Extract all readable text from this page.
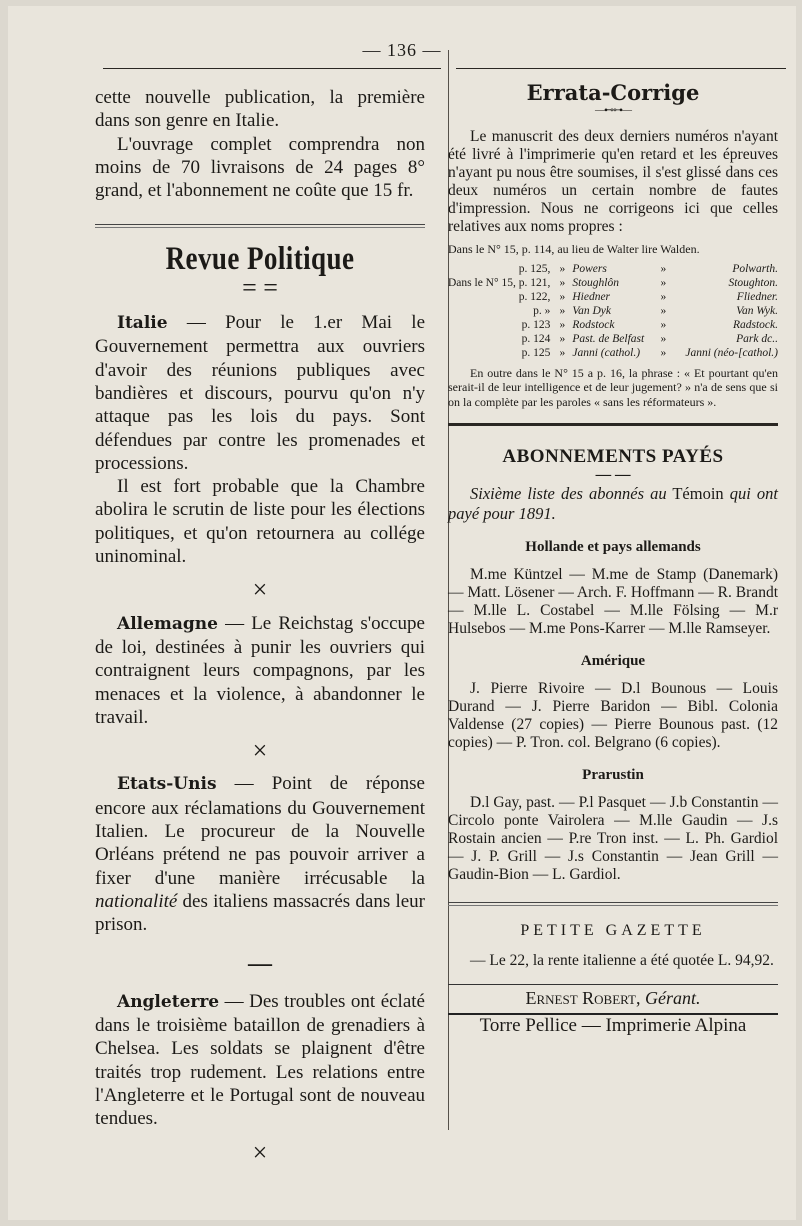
— 136 —

cette nouvelle publication, la première dans son genre en Italie.

L'ouvrage complet comprendra non moins de 70 livraisons de 24 pages 8° grand, et l'abonnement ne coûte que 15 fr.

Revue Politique
= =

Italie — Pour le 1.er Mai le Gouvernement permettra aux ouvriers d'avoir des réunions publiques avec bandières et discours, pourvu qu'on n'y attaque pas les lois du pays. Sont défendues par contre les promenades et processions.

Il est fort probable que la Chambre abolira le scrutin de liste pour les élections politiques, et qu'on retournera au collége uninominal.

×

Allemagne — Le Reichstag s'occupe de loi, destinées à punir les ouvriers qui contraignent leurs compagnons, par les menaces et la violence, à abandonner le travail.

×

Etats-Unis — Point de réponse encore aux réclamations du Gouvernement Italien. Le procureur de la Nouvelle Orléans prétend ne pas pouvoir arriver a fixer d'une manière irrécusable la nationalité des italiens massacrés dans leur prison.

—

Angleterre — Des troubles ont éclaté dans le troisième bataillon de grenadiers à Chelsea. Les soldats se plaignent d'être traités trop rudement. Les relations entre l'Angleterre et le Portugal sont de nouveau tendues.

×
Errata-Corrige
—⊷⊶—

Le manuscrit des deux derniers numéros n'ayant été livré à l'imprimerie qu'en retard et les épreuves n'ayant pu nous être soumises, il s'est glissé dans ces deux numéros un certain nombre de fautes d'impression. Nous ne corrigeons ici que celles relatives aux noms propres :

Dans le N° 15, p. 114, au lieu de Walter lire Walden.

p. 125,	»	Powers	»	Polwarth.
Dans le N° 15, p. 121,	»	Stoughlôn	»	Stoughton.
p. 122,	»	Hiedner	»	Fliedner.
p. »	»	Van Dyk	»	Van Wyk.
p. 123	»	Rodstock	»	Radstock.
p. 124	»	Past. de Belfast	»	Park dc..
p. 125	»	Janni (cathol.)	»	Janni (néo-[cathol.)

En outre dans le N° 15 a p. 16, la phrase : « Et pourtant qu'en serait-il de leur intelligence et de leur jugement? » n'a de sens que si on la complète par les paroles « sans les réformateurs ».

ABONNEMENTS PAYÉS
— —

Sixième liste des abonnés au Témoin qui ont payé pour 1891.

Hollande et pays allemands

M.me Küntzel — M.me de Stamp (Danemark) — Matt. Lösener — Arch. F. Hoffmann — R. Brandt — M.lle L. Costabel — M.lle Fölsing — M.r Hulsebos — M.me Pons-Karrer — M.lle Ramseyer.

Amérique

J. Pierre Rivoire — D.l Bounous — Louis Durand — J. Pierre Baridon — Bibl. Colonia Valdense (27 copies) — Pierre Bounous past. (12 copies) — P. Tron. col. Belgrano (6 copies).

Prarustin

D.l Gay, past. — P.l Pasquet — J.b Constantin — Circolo ponte Vairolera — M.lle Gaudin — J.s Rostain ancien — P.re Tron inst. — L. Ph. Gardiol — J. P. Grill — J.s Constantin — Jean Grill — Gaudin-Bion — L. Gardiol.

PETITE GAZETTE

— Le 22, la rente italienne a été quotée L. 94,92.

Ernest Robert, Gérant.
Torre Pellice — Imprimerie Alpina
